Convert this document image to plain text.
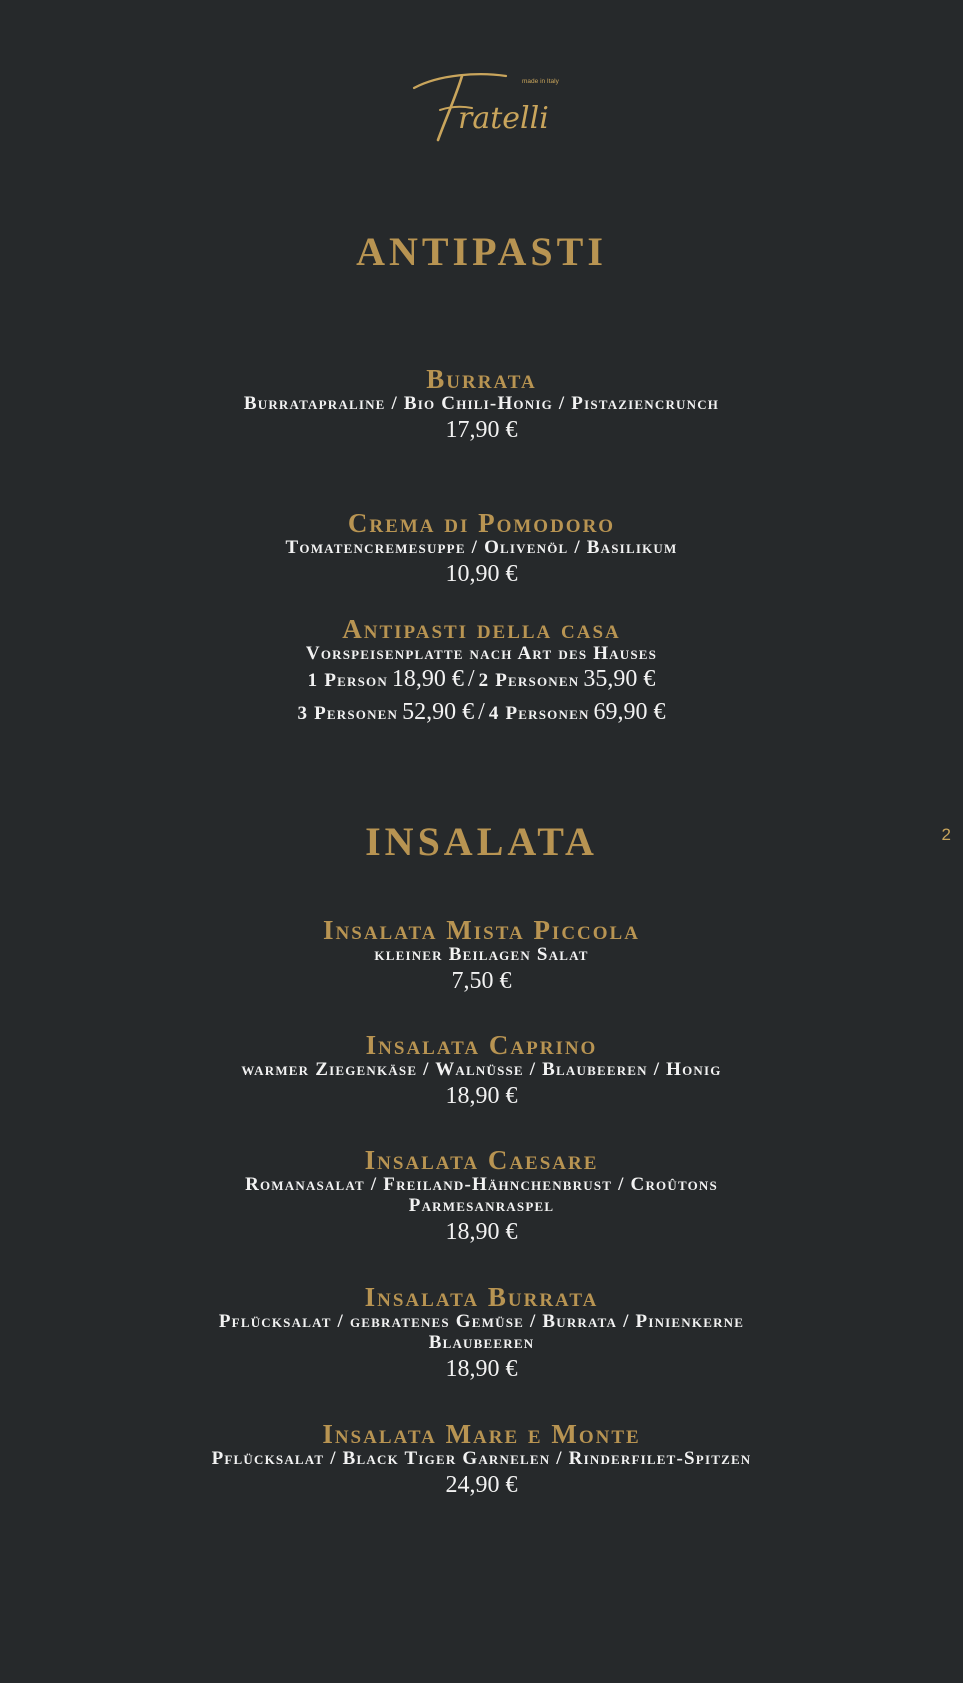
ratelli
made in Italy
2
ANTIPASTI
Burrata
Burratapraline / Bio Chili-Honig / Pistaziencrunch
17,90 €
Crema di Pomodoro
Tomatencremesuppe / Olivenöl / Basilikum
10,90 €
Antipasti della casa
Vorspeisenplatte nach Art des Hauses
1 Person 18,90 € / 2 Personen 35,90 €
3 Personen 52,90 € / 4 Personen 69,90 €
INSALATA
Insalata Mista Piccola
kleiner Beilagen Salat
7,50 €
Insalata Caprino
warmer Ziegenkäse / Walnüsse / Blaubeeren / Honig
18,90 €
Insalata Caesare
Romanasalat / Freiland-Hähnchenbrust / Croûtons
Parmesanraspel
18,90 €
Insalata Burrata
Pflücksalat / gebratenes Gemüse / Burrata / Pinienkerne
Blaubeeren
18,90 €
Insalata Mare e Monte
Pflücksalat / Black Tiger Garnelen / Rinderfilet-Spitzen
24,90 €
